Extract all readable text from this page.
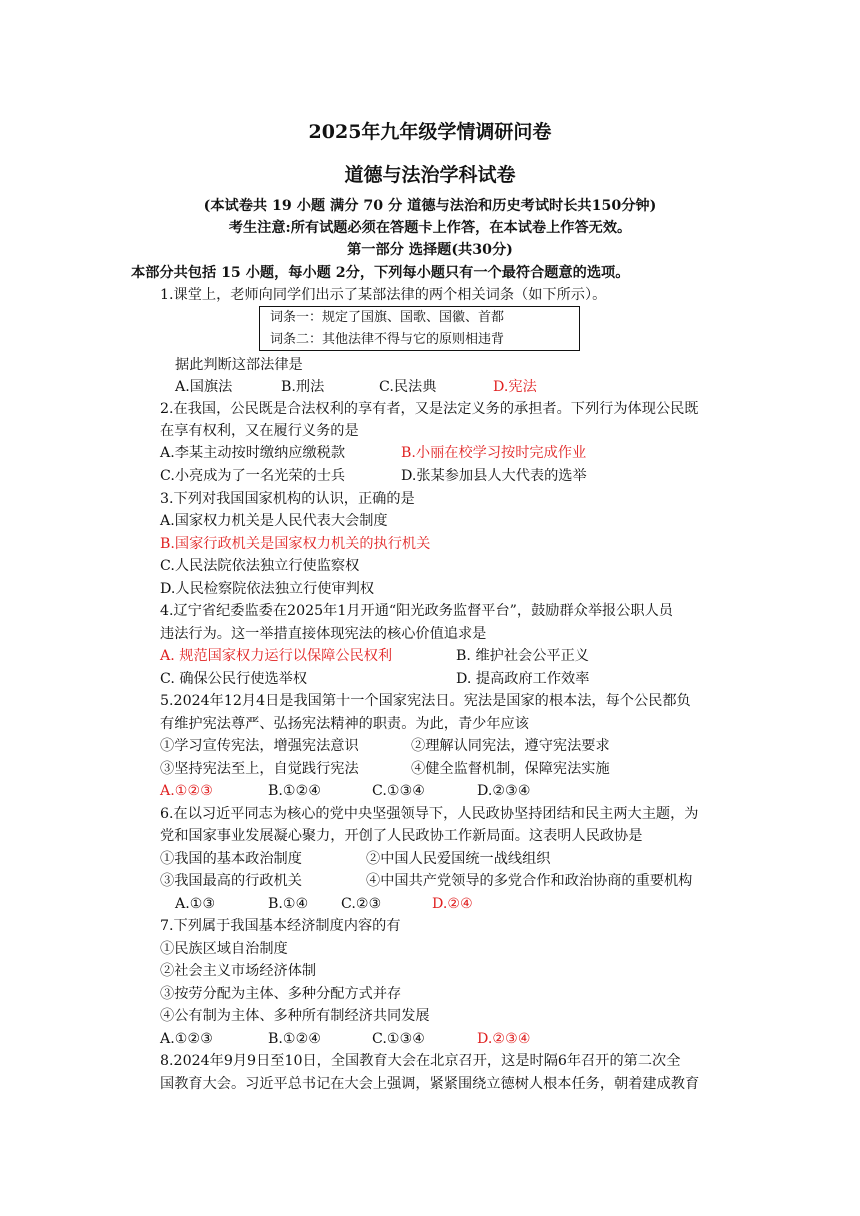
2025年九年级学情调研问卷
道德与法治学科试卷
(本试卷共 19 小题 满分 70 分 道德与法治和历史考试时长共150分钟)
考生注意:所有试题必须在答题卡上作答，在本试卷上作答无效。
第一部分 选择题(共30分)
本部分共包括 15 小题，每小题 2分，下列每小题只有一个最符合题意的选项。
1.课堂上，老师向同学们出示了某部法律的两个相关词条（如下所示）。
词条一：规定了国旗、国歌、国徽、首都
词条二：其他法律不得与它的原则相违背
据此判断这部法律是
A.国旗法	B.刑法	C.民法典	D.宪法
2.在我国，公民既是合法权利的享有者，又是法定义务的承担者。下列行为体现公民既
在享有权利，又在履行义务的是
A.李某主动按时缴纳应缴税款	B.小丽在校学习按时完成作业
C.小亮成为了一名光荣的士兵	D.张某参加县人大代表的选举
3.下列对我国国家机构的认识，正确的是
A.国家权力机关是人民代表大会制度
B.国家行政机关是国家权力机关的执行机关
C.人民法院依法独立行使监察权
D.人民检察院依法独立行使审判权
4.辽宁省纪委监委在2025年1月开通“阳光政务监督平台”，鼓励群众举报公职人员
违法行为。这一举措直接体现宪法的核心价值追求是
A. 规范国家权力运行以保障公民权利	B. 维护社会公平正义
C. 确保公民行使选举权	D. 提高政府工作效率
5.2024年12月4日是我国第十一个国家宪法日。宪法是国家的根本法，每个公民都负
有维护宪法尊严、弘扬宪法精神的职责。为此，青少年应该
①学习宣传宪法，增强宪法意识	②理解认同宪法，遵守宪法要求
③坚持宪法至上，自觉践行宪法	④健全监督机制，保障宪法实施
A.①②③	B.①②④	C.①③④	D.②③④
6.在以习近平同志为核心的党中央坚强领导下，人民政协坚持团结和民主两大主题，为
党和国家事业发展凝心聚力，开创了人民政协工作新局面。这表明人民政协是
①我国的基本政治制度	②中国人民爱国统一战线组织
③我国最高的行政机关	④中国共产党领导的多党合作和政治协商的重要机构
A.①③	B.①④ C.②③	D.②④
7.下列属于我国基本经济制度内容的有
①民族区域自治制度
②社会主义市场经济体制
③按劳分配为主体、多种分配方式并存
④公有制为主体、多种所有制经济共同发展
A.①②③	B.①②④	C.①③④	D.②③④
8.2024年9月9日至10日，全国教育大会在北京召开，这是时隔6年召开的第二次全
国教育大会。习近平总书记在大会上强调，紧紧围绕立德树人根本任务，朝着建成教育
